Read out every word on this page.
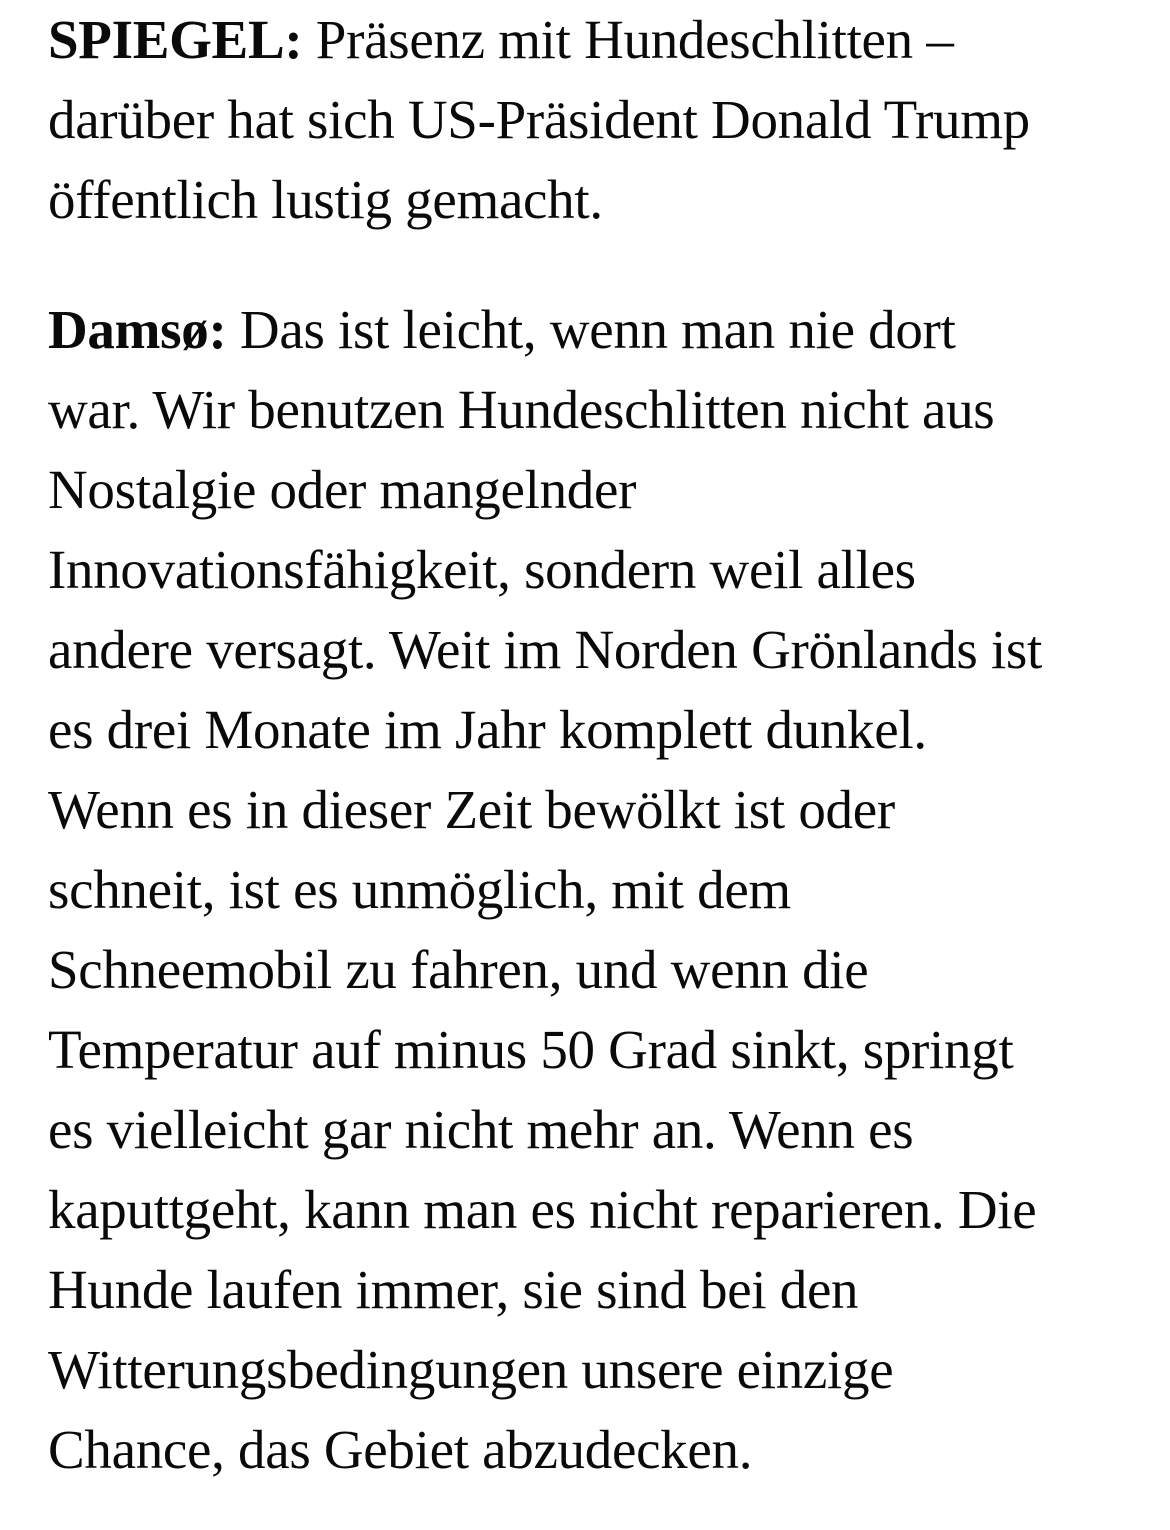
SPIEGEL: Präsenz mit Hundeschlitten –
darüber hat sich US-Präsident Donald Trump
öffentlich lustig gemacht.
Damsø: Das ist leicht, wenn man nie dort
war. Wir benutzen Hundeschlitten nicht aus
Nostalgie oder mangelnder
Innovationsfähigkeit, sondern weil alles
andere versagt. Weit im Norden Grönlands ist
es drei Monate im Jahr komplett dunkel.
Wenn es in dieser Zeit bewölkt ist oder
schneit, ist es unmöglich, mit dem
Schneemobil zu fahren, und wenn die
Temperatur auf minus 50 Grad sinkt, springt
es vielleicht gar nicht mehr an. Wenn es
kaputtgeht, kann man es nicht reparieren. Die
Hunde laufen immer, sie sind bei den
Witterungsbedingungen unsere einzige
Chance, das Gebiet abzudecken.
